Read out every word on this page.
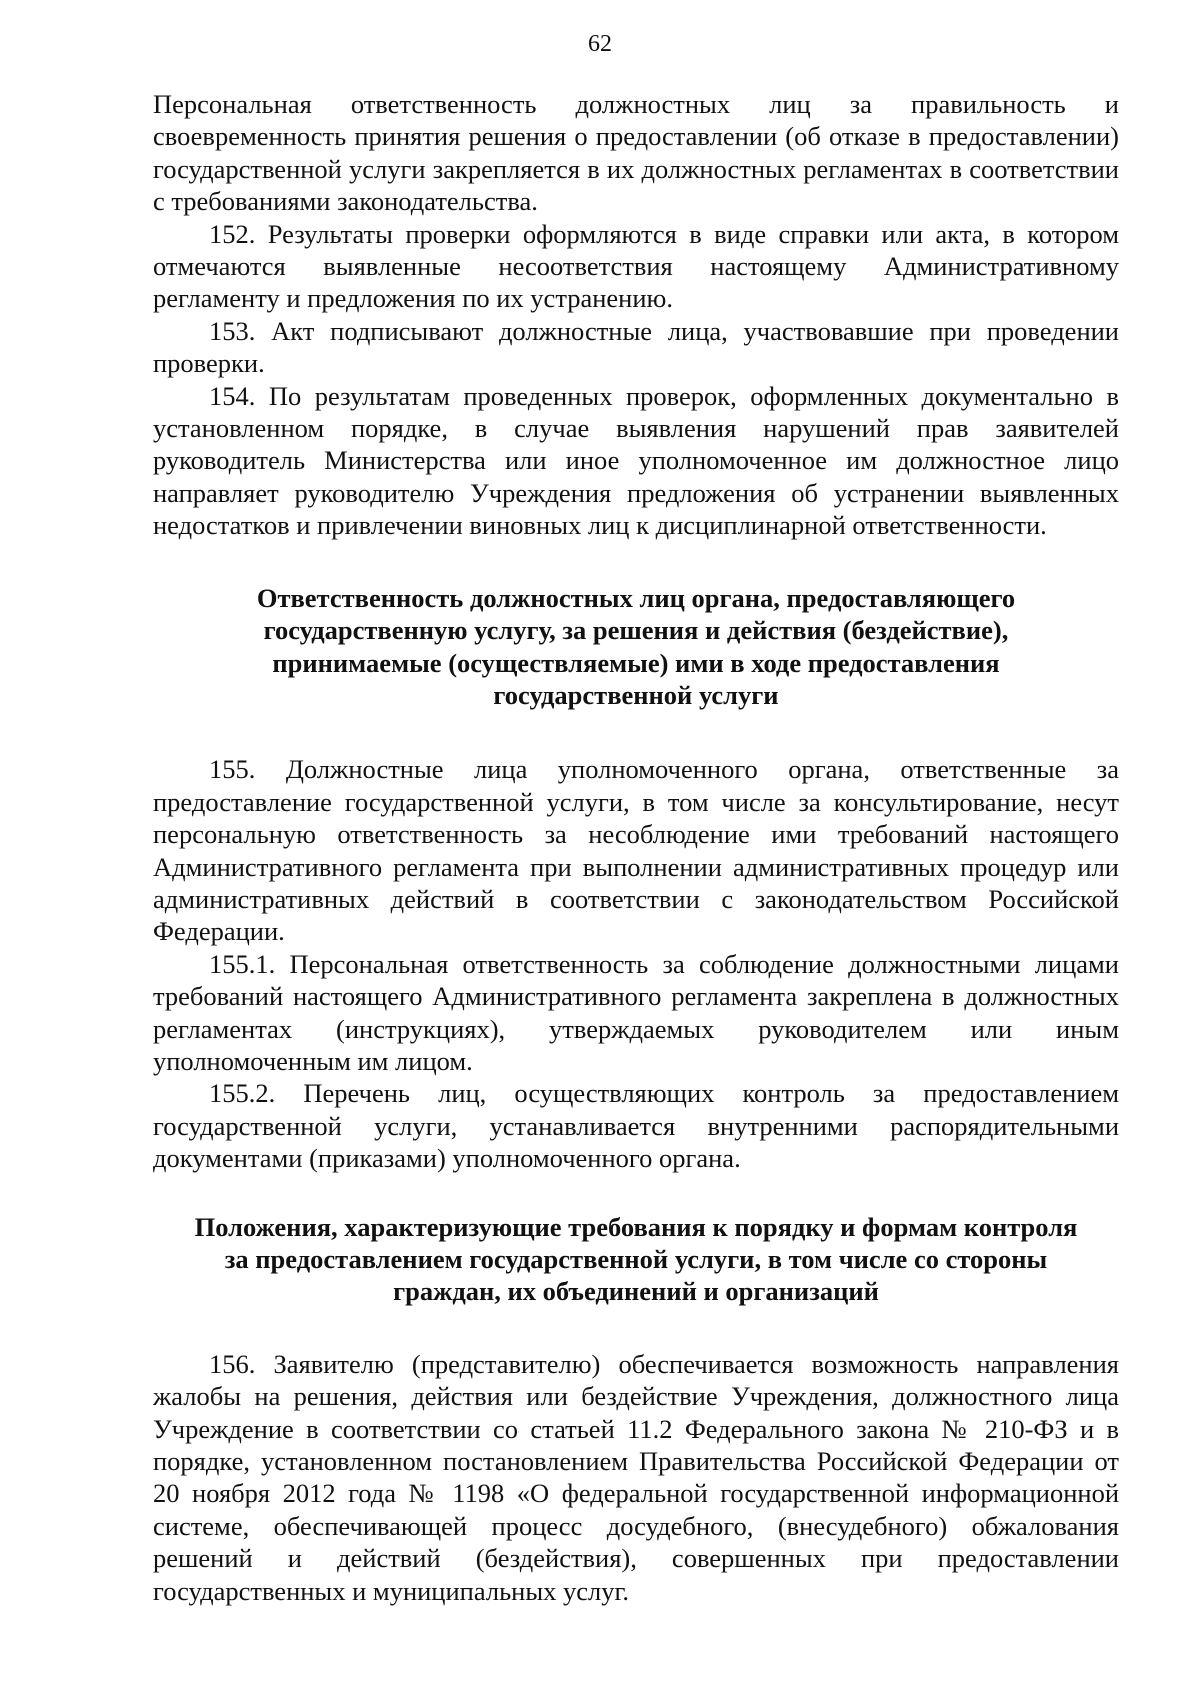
62

Персональная ответственность должностных лиц за правильность и своевременность принятия решения о предоставлении (об отказе в предоставлении) государственной услуги закрепляется в их должностных регламентах в соответствии с требованиями законодательства.

152. Результаты проверки оформляются в виде справки или акта, в котором отмечаются выявленные несоответствия настоящему Административному регламенту и предложения по их устранению.

153. Акт подписывают должностные лица, участвовавшие при проведении проверки.

154. По результатам проведенных проверок, оформленных документально в установленном порядке, в случае выявления нарушений прав заявителей руководитель Министерства или иное уполномоченное им должностное лицо направляет руководителю Учреждения предложения об устранении выявленных недостатков и привлечении виновных лиц к дисциплинарной ответственности.

Ответственность должностных лиц органа, предоставляющего
государственную услугу, за решения и действия (бездействие),
принимаемые (осуществляемые) ими в ходе предоставления
государственной услуги

155. Должностные лица уполномоченного органа, ответственные за предоставление государственной услуги, в том числе за консультирование, несут персональную ответственность за несоблюдение ими требований настоящего Административного регламента при выполнении административных процедур или административных действий в соответствии с законодательством Российской Федерации.

155.1. Персональная ответственность за соблюдение должностными лицами требований настоящего Административного регламента закреплена в должностных регламентах (инструкциях), утверждаемых руководителем или иным уполномоченным им лицом.

155.2. Перечень лиц, осуществляющих контроль за предоставлением государственной услуги, устанавливается внутренними распорядительными документами (приказами) уполномоченного органа.

Положения, характеризующие требования к порядку и формам контроля
за предоставлением государственной услуги, в том числе со стороны
граждан, их объединений и организаций

156. Заявителю (представителю) обеспечивается возможность направления жалобы на решения, действия или бездействие Учреждения, должностного лица Учреждение в соответствии со статьей 11.2 Федерального закона № 210-ФЗ и в порядке, установленном постановлением Правительства Российской Федерации от 20 ноября 2012 года № 1198 «О федеральной государственной информационной системе, обеспечивающей процесс досудебного, (внесудебного) обжалования решений и действий (бездействия), совершенных при предоставлении государственных и муниципальных услуг.
